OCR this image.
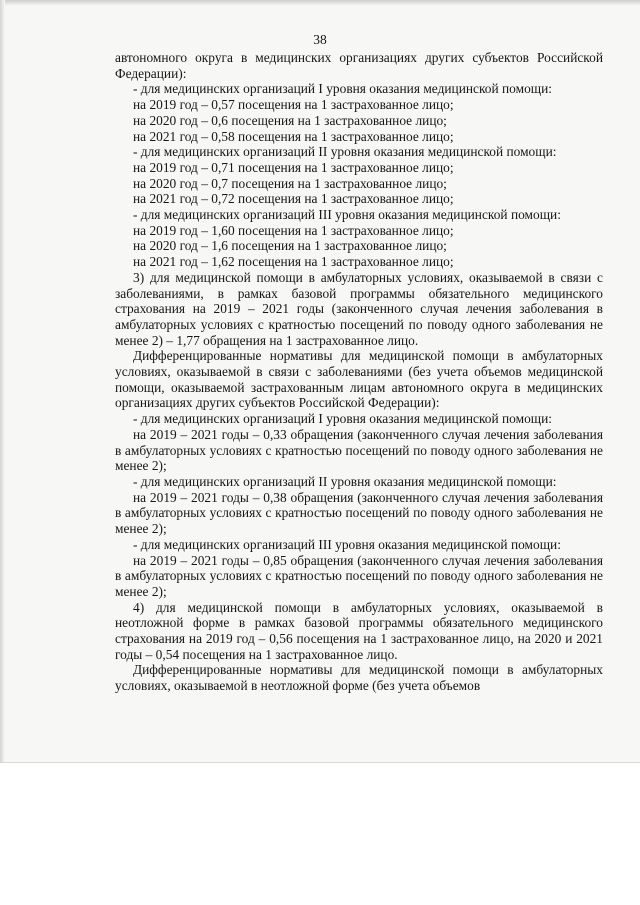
38

автономного округа в медицинских организациях других субъектов Российской Федерации):

- для медицинских организаций I уровня оказания медицинской помощи:

на 2019 год – 0,57 посещения на 1 застрахованное лицо;

на 2020 год – 0,6 посещения на 1 застрахованное лицо;

на 2021 год – 0,58 посещения на 1 застрахованное лицо;

- для медицинских организаций II уровня оказания медицинской помощи:

на 2019 год – 0,71 посещения на 1 застрахованное лицо;

на 2020 год – 0,7 посещения на 1 застрахованное лицо;

на 2021 год – 0,72 посещения на 1 застрахованное лицо;

- для медицинских организаций III уровня оказания медицинской помощи:

на 2019 год – 1,60 посещения на 1 застрахованное лицо;

на 2020 год – 1,6 посещения на 1 застрахованное лицо;

на 2021 год – 1,62 посещения на 1 застрахованное лицо;

3) для медицинской помощи в амбулаторных условиях, оказываемой в связи с заболеваниями, в рамках базовой программы обязательного медицинского страхования на 2019 – 2021 годы (законченного случая лечения заболевания в амбулаторных условиях с кратностью посещений по поводу одного заболевания не менее 2) – 1,77 обращения на 1 застрахованное лицо.

Дифференцированные нормативы для медицинской помощи в амбулаторных условиях, оказываемой в связи с заболеваниями (без учета объемов медицинской помощи, оказываемой застрахованным лицам автономного округа в медицинских организациях других субъектов Российской Федерации):

- для медицинских организаций I уровня оказания медицинской помощи:

на 2019 – 2021 годы – 0,33 обращения (законченного случая лечения заболевания в амбулаторных условиях с кратностью посещений по поводу одного заболевания не менее 2);

- для медицинских организаций II уровня оказания медицинской помощи:

на 2019 – 2021 годы – 0,38 обращения (законченного случая лечения заболевания в амбулаторных условиях с кратностью посещений по поводу одного заболевания не менее 2);

- для медицинских организаций III уровня оказания медицинской помощи:

на 2019 – 2021 годы – 0,85 обращения (законченного случая лечения заболевания в амбулаторных условиях с кратностью посещений по поводу одного заболевания не менее 2);

4) для медицинской помощи в амбулаторных условиях, оказываемой в неотложной форме в рамках базовой программы обязательного медицинского страхования на 2019 год – 0,56 посещения на 1 застрахованное лицо, на 2020 и 2021 годы – 0,54 посещения на 1 застрахованное лицо.

Дифференцированные нормативы для медицинской помощи в амбулаторных условиях, оказываемой в неотложной форме (без учета объемов
